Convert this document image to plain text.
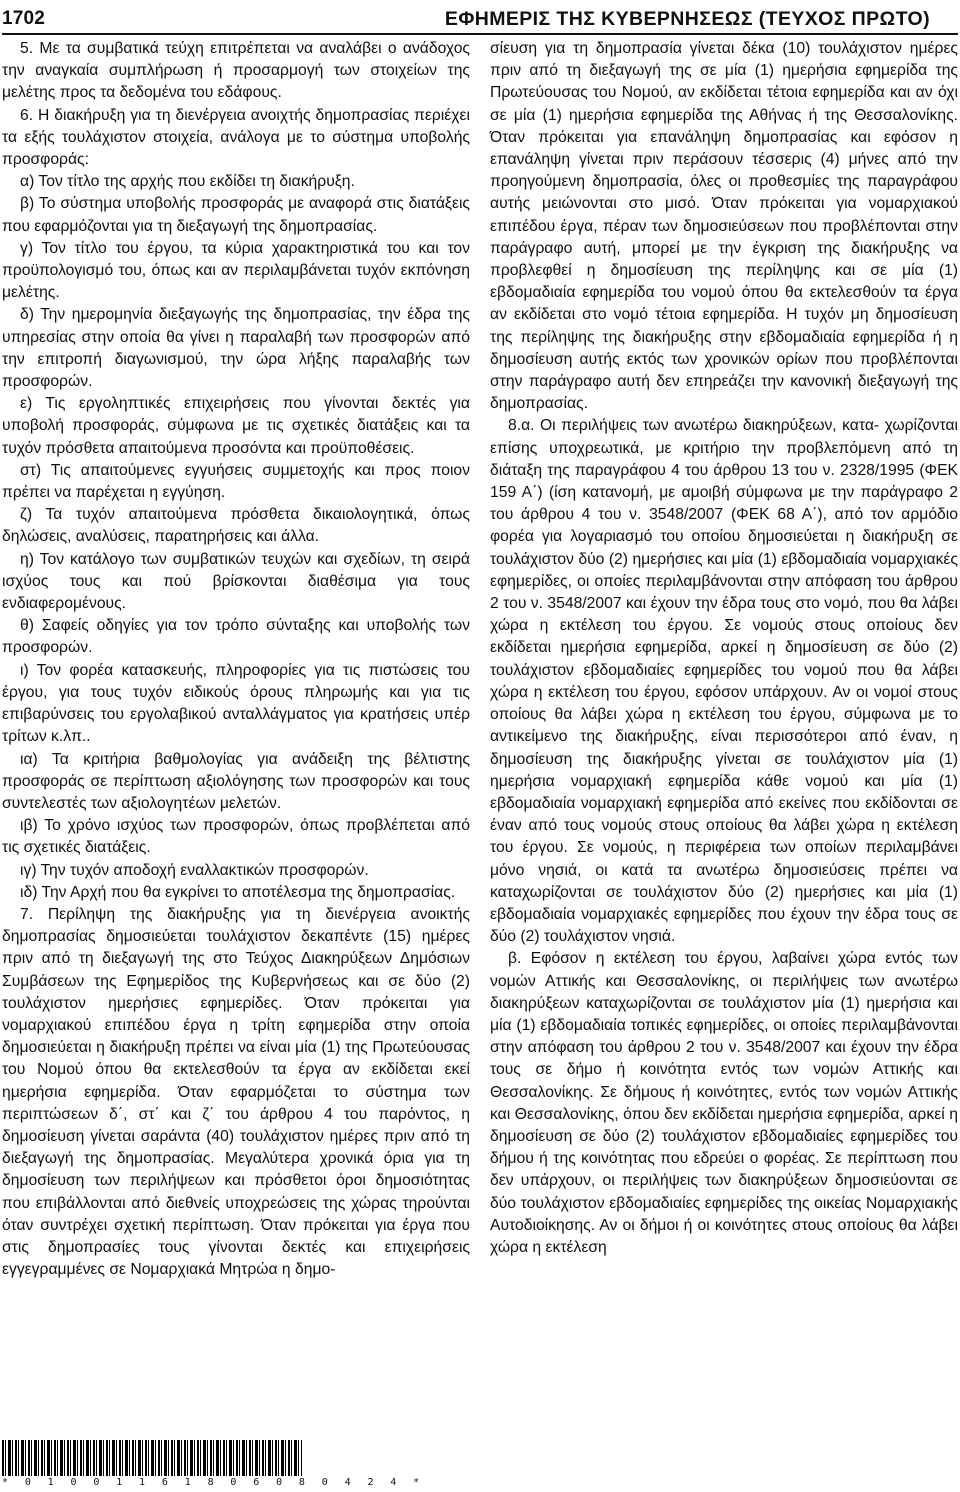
1702	ΕΦΗΜΕΡΙΣ ΤΗΣ ΚΥΒΕΡΝΗΣΕΩΣ (ΤΕΥΧΟΣ ΠΡΩΤΟ)

5. Με τα συμβατικά τεύχη επιτρέπεται να αναλάβει ο ανάδοχος την αναγκαία συμπλήρωση ή προσαρμογή των στοιχείων της μελέτης προς τα δεδομένα του εδάφους.

6. Η διακήρυξη για τη διενέργεια ανοιχτής δημοπρασίας περιέχει τα εξής τουλάχιστον στοιχεία, ανάλογα με το σύστημα υποβολής προσφοράς:

α) Τον τίτλο της αρχής που εκδίδει τη διακήρυξη.

β) Το σύστημα υποβολής προσφοράς με αναφορά στις διατάξεις που εφαρμόζονται για τη διεξαγωγή της δημοπρασίας.

γ) Τον τίτλο του έργου, τα κύρια χαρακτηριστικά του και τον προϋπολογισμό του, όπως και αν περιλαμβάνεται τυχόν εκπόνηση μελέτης.

δ) Την ημερομηνία διεξαγωγής της δημοπρασίας, την έδρα της υπηρεσίας στην οποία θα γίνει η παραλαβή των προσφορών από την επιτροπή διαγωνισμού, την ώρα λήξης παραλαβής των προσφορών.

ε) Τις εργοληπτικές επιχειρήσεις που γίνονται δεκτές για υποβολή προσφοράς, σύμφωνα με τις σχετικές διατάξεις και τα τυχόν πρόσθετα απαιτούμενα προσόντα και προϋποθέσεις.

στ) Τις απαιτούμενες εγγυήσεις συμμετοχής και προς ποιον πρέπει να παρέχεται η εγγύηση.

ζ) Τα τυχόν απαιτούμενα πρόσθετα δικαιολογητικά, όπως δηλώσεις, αναλύσεις, παρατηρήσεις και άλλα.

η) Τον κατάλογο των συμβατικών τευχών και σχεδίων, τη σειρά ισχύος τους και πού βρίσκονται διαθέσιμα για τους ενδιαφερομένους.

θ) Σαφείς οδηγίες για τον τρόπο σύνταξης και υποβολής των προσφορών.

ι) Τον φορέα κατασκευής, πληροφορίες για τις πιστώσεις του έργου, για τους τυχόν ειδικούς όρους πληρωμής και για τις επιβαρύνσεις του εργολαβικού ανταλλάγματος για κρατήσεις υπέρ τρίτων κ.λπ..

ια) Τα κριτήρια βαθμολογίας για ανάδειξη της βέλτιστης προσφοράς σε περίπτωση αξιολόγησης των προσφορών και τους συντελεστές των αξιολογητέων μελετών.

ιβ) Το χρόνο ισχύος των προσφορών, όπως προβλέπεται από τις σχετικές διατάξεις.

ιγ) Την τυχόν αποδοχή εναλλακτικών προσφορών.

ιδ) Την Αρχή που θα εγκρίνει το αποτέλεσμα της δημοπρασίας.

7. Περίληψη της διακήρυξης για τη διενέργεια ανοικτής δημοπρασίας δημοσιεύεται τουλάχιστον δεκαπέντε (15) ημέρες πριν από τη διεξαγωγή της στο Τεύχος Διακηρύξεων Δημόσιων Συμβάσεων της Εφημερίδος της Κυβερνήσεως και σε δύο (2) τουλάχιστον ημερήσιες εφημερίδες. Όταν πρόκειται για νομαρχιακού επιπέδου έργα η τρίτη εφημερίδα στην οποία δημοσιεύεται η διακήρυξη πρέπει να είναι μία (1) της Πρωτεύουσας του Νομού όπου θα εκτελεσθούν τα έργα αν εκδίδεται εκεί ημερήσια εφημερίδα. Όταν εφαρμόζεται το σύστημα των περιπτώσεων δ΄, στ΄ και ζ΄ του άρθρου 4 του παρόντος, η δημοσίευση γίνεται σαράντα (40) τουλάχιστον ημέρες πριν από τη διεξαγωγή της δημοπρασίας. Μεγαλύτερα χρονικά όρια για τη δημοσίευση των περιλήψεων και πρόσθετοι όροι δημοσιότητας που επιβάλλονται από διεθνείς υποχρεώσεις της χώρας τηρούνται όταν συντρέχει σχετική περίπτωση. Όταν πρόκειται για έργα που στις δημοπρασίες τους γίνονται δεκτές και επιχειρήσεις εγγεγραμμένες σε Νομαρχιακά Μητρώα η δημο-

σίευση για τη δημοπρασία γίνεται δέκα (10) τουλάχιστον ημέρες πριν από τη διεξαγωγή της σε μία (1) ημερήσια εφημερίδα της Πρωτεύουσας του Νομού, αν εκδίδεται τέτοια εφημερίδα και αν όχι σε μία (1) ημερήσια εφημερίδα της Αθήνας ή της Θεσσαλονίκης. Όταν πρόκειται για επανάληψη δημοπρασίας και εφόσον η επανάληψη γίνεται πριν περάσουν τέσσερις (4) μήνες από την προηγούμενη δημοπρασία, όλες οι προθεσμίες της παραγράφου αυτής μειώνονται στο μισό. Όταν πρόκειται για νομαρχιακού επιπέδου έργα, πέραν των δημοσιεύσεων που προβλέπονται στην παράγραφο αυτή, μπορεί με την έγκριση της διακήρυξης να προβλεφθεί η δημοσίευση της περίληψης και σε μία (1) εβδομαδιαία εφημερίδα του νομού όπου θα εκτελεσθούν τα έργα αν εκδίδεται στο νομό τέτοια εφημερίδα. Η τυχόν μη δημοσίευση της περίληψης της διακήρυξης στην εβδομαδιαία εφημερίδα ή η δημοσίευση αυτής εκτός των χρονικών ορίων που προβλέπονται στην παράγραφο αυτή δεν επηρεάζει την κανονική διεξαγωγή της δημοπρασίας.

8.α. Οι περιλήψεις των ανωτέρω διακηρύξεων, κατα- χωρίζονται επίσης υποχρεωτικά, με κριτήριο την προβλεπόμενη από τη διάταξη της παραγράφου 4 του άρθρου 13 του ν. 2328/1995 (ΦΕΚ 159 Α΄) (ίση κατανομή, με αμοιβή σύμφωνα με την παράγραφο 2 του άρθρου 4 του ν. 3548/2007 (ΦΕΚ 68 Α΄), από τον αρμόδιο φορέα για λογαριασμό του οποίου δημοσιεύεται η διακήρυξη σε τουλάχιστον δύο (2) ημερήσιες και μία (1) εβδομαδιαία νομαρχιακές εφημερίδες, οι οποίες περιλαμβάνονται στην απόφαση του άρθρου 2 του ν. 3548/2007 και έχουν την έδρα τους στο νομό, που θα λάβει χώρα η εκτέλεση του έργου. Σε νομούς στους οποίους δεν εκδίδεται ημερήσια εφημερίδα, αρκεί η δημοσίευση σε δύο (2) τουλάχιστον εβδομαδιαίες εφημερίδες του νομού που θα λάβει χώρα η εκτέλεση του έργου, εφόσον υπάρχουν. Αν οι νομοί στους οποίους θα λάβει χώρα η εκτέλεση του έργου, σύμφωνα με το αντικείμενο της διακήρυξης, είναι περισσότεροι από έναν, η δημοσίευση της διακήρυξης γίνεται σε τουλάχιστον μία (1) ημερήσια νομαρχιακή εφημερίδα κάθε νομού και μία (1) εβδομαδιαία νομαρχιακή εφημερίδα από εκείνες που εκδίδονται σε έναν από τους νομούς στους οποίους θα λάβει χώρα η εκτέλεση του έργου. Σε νομούς, η περιφέρεια των οποίων περιλαμβάνει μόνο νησιά, οι κατά τα ανωτέρω δημοσιεύσεις πρέπει να καταχωρίζονται σε τουλάχιστον δύο (2) ημερήσιες και μία (1) εβδομαδιαία νομαρχιακές εφημερίδες που έχουν την έδρα τους σε δύο (2) τουλάχιστον νησιά.

β. Εφόσον η εκτέλεση του έργου, λαβαίνει χώρα εντός των νομών Αττικής και Θεσσαλονίκης, οι περιλήψεις των ανωτέρω διακηρύξεων καταχωρίζονται σε τουλάχιστον μία (1) ημερήσια και μία (1) εβδομαδιαία τοπικές εφημερίδες, οι οποίες περιλαμβάνονται στην απόφαση του άρθρου 2 του ν. 3548/2007 και έχουν την έδρα τους σε δήμο ή κοινότητα εντός των νομών Αττικής και Θεσσαλονίκης. Σε δήμους ή κοινότητες, εντός των νομών Αττικής και Θεσσαλονίκης, όπου δεν εκδίδεται ημερήσια εφημερίδα, αρκεί η δημοσίευση σε δύο (2) τουλάχιστον εβδομαδιαίες εφημερίδες του δήμου ή της κοινότητας που εδρεύει ο φορέας. Σε περίπτωση που δεν υπάρχουν, οι περιλήψεις των διακηρύξεων δημοσιεύονται σε δύο τουλάχιστον εβδομαδιαίες εφημερίδες της οικείας Νομαρχιακής Αυτοδιοίκησης. Αν οι δήμοι ή οι κοινότητες στους οποίους θα λάβει χώρα η εκτέλεση

* 0 1 0 0 1 1 6 1 8 0 6 0 8 0 4 2 4 *
